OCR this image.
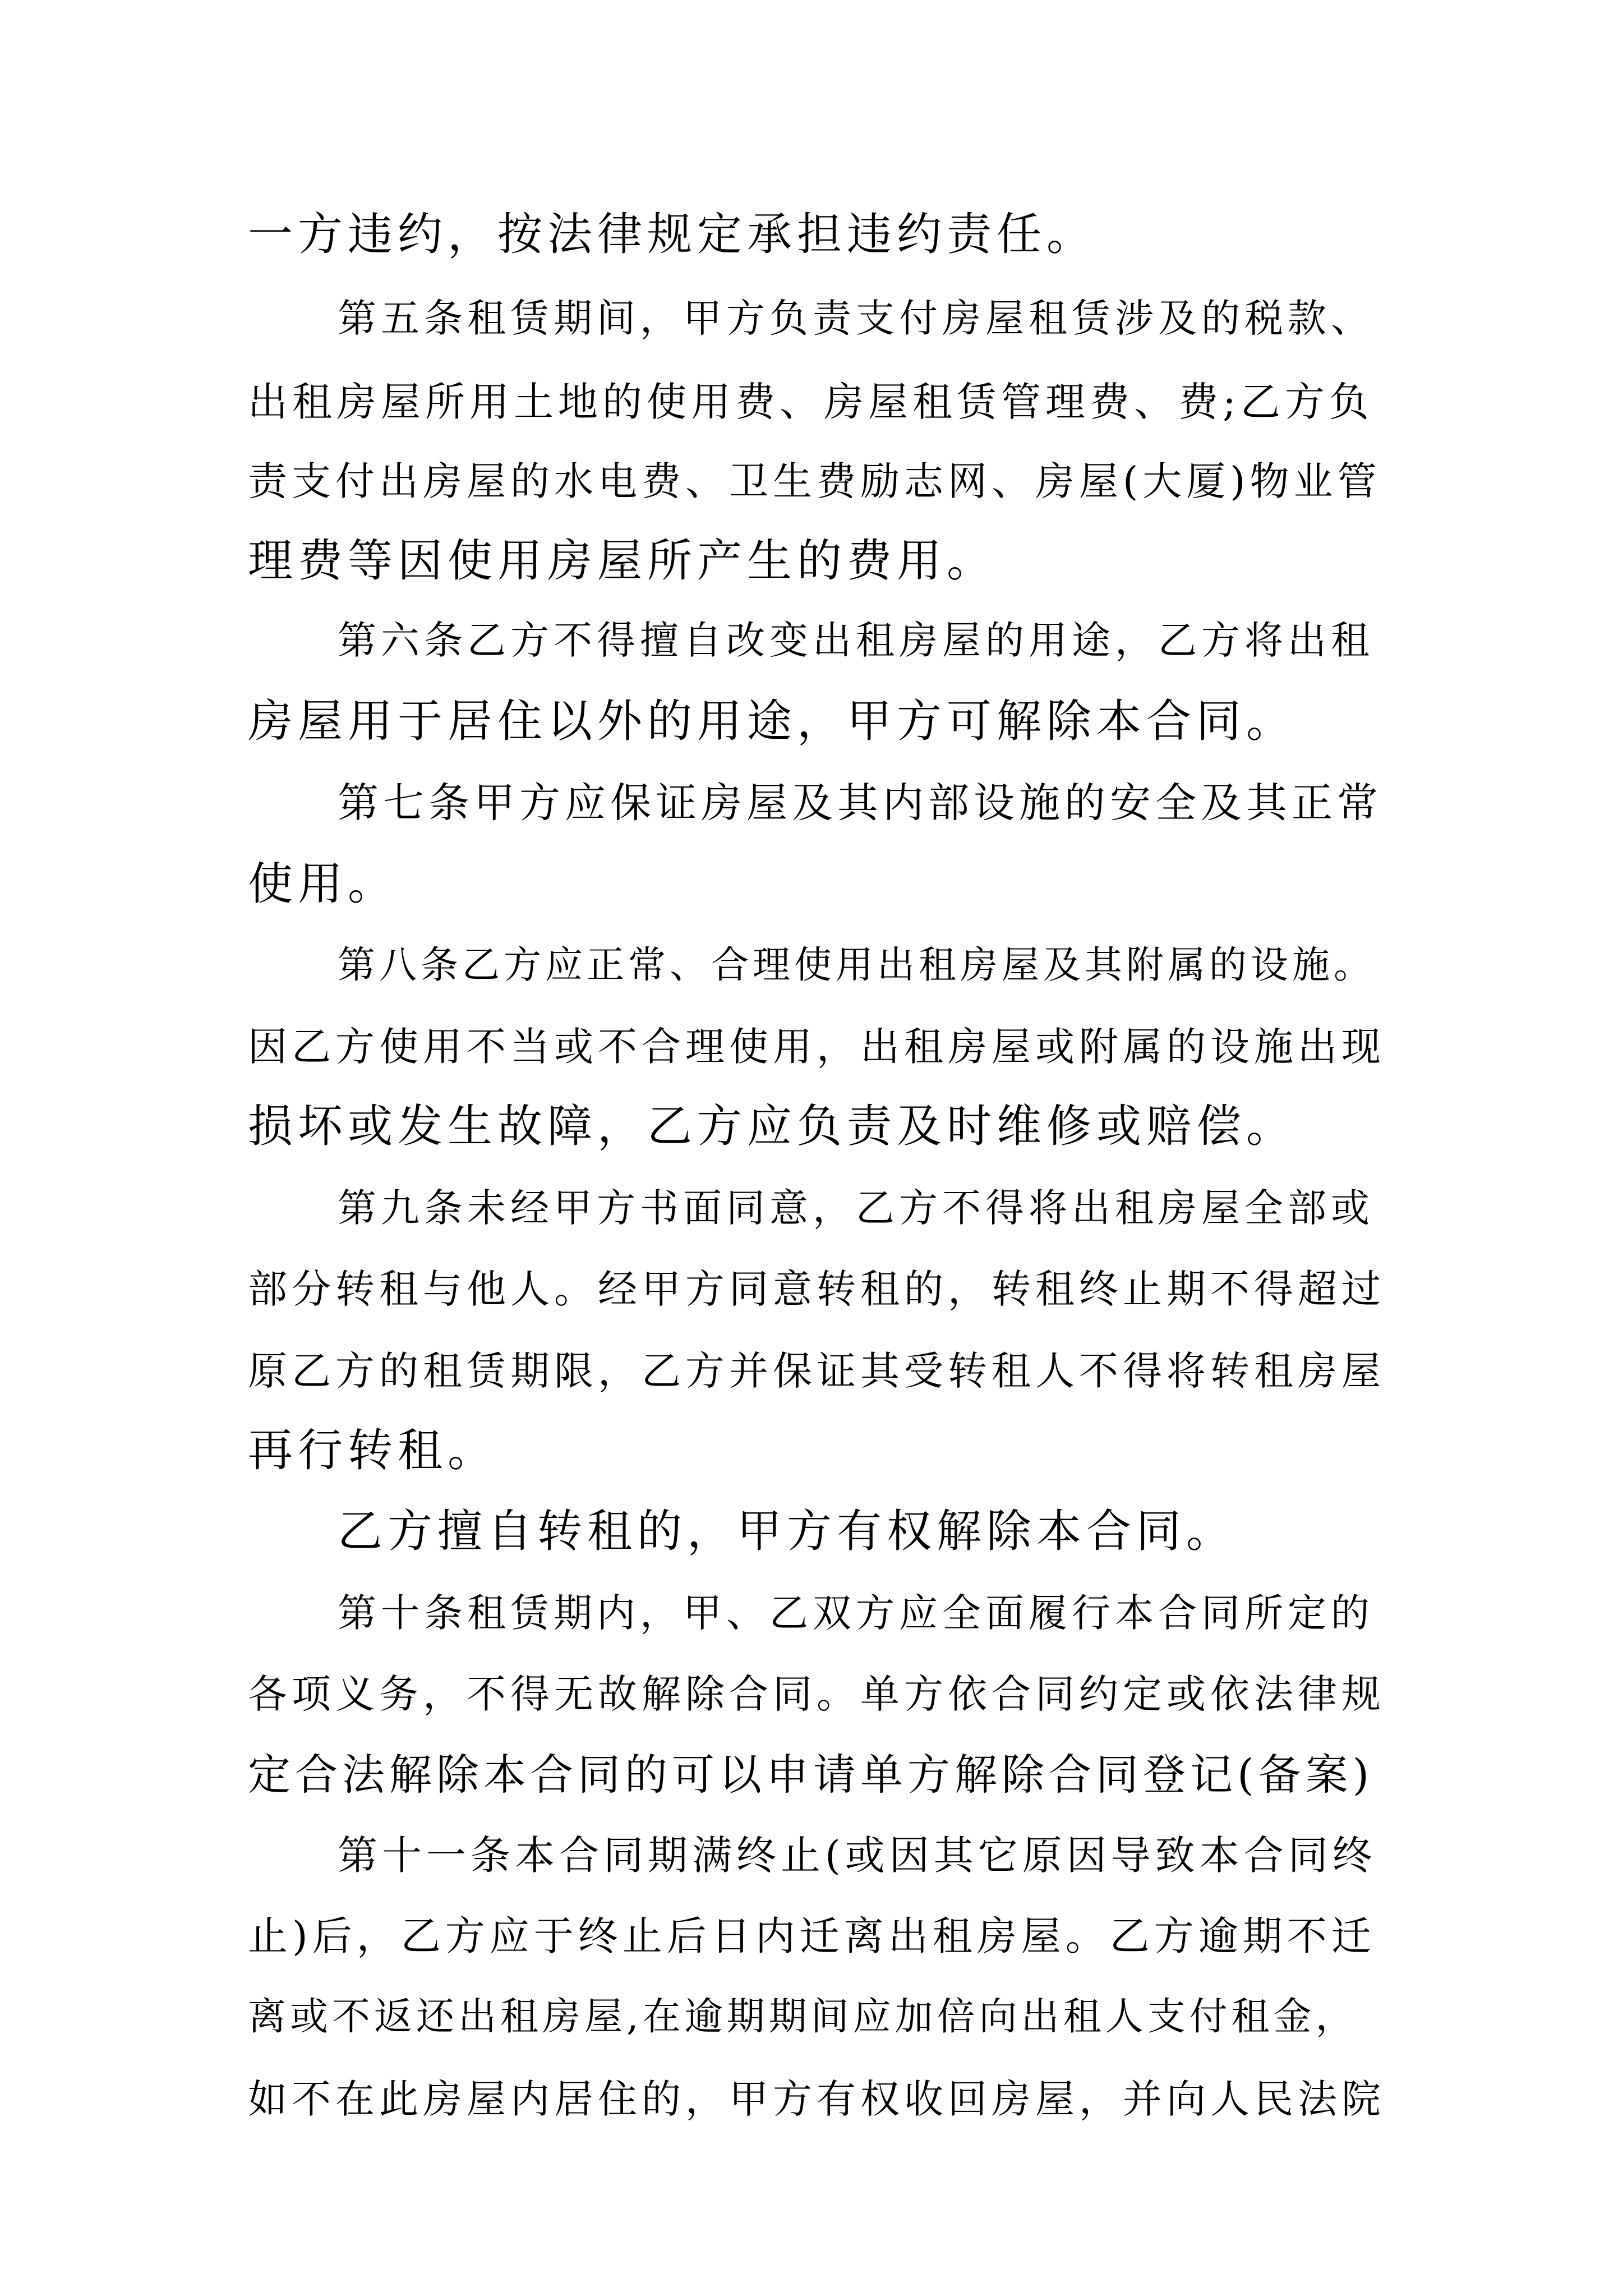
一方违约，按法律规定承担违约责任。
第五条租赁期间，甲方负责支付房屋租赁涉及的税款、
出租房屋所用土地的使用费、房屋租赁管理费、费;乙方负
责支付出房屋的水电费、卫生费励志网、房屋(大厦)物业管
理费等因使用房屋所产生的费用。
第六条乙方不得擅自改变出租房屋的用途，乙方将出租
房屋用于居住以外的用途，甲方可解除本合同。
第七条甲方应保证房屋及其内部设施的安全及其正常
使用。
第八条乙方应正常、合理使用出租房屋及其附属的设施。
因乙方使用不当或不合理使用，出租房屋或附属的设施出现
损坏或发生故障，乙方应负责及时维修或赔偿。
第九条未经甲方书面同意，乙方不得将出租房屋全部或
部分转租与他人。经甲方同意转租的，转租终止期不得超过
原乙方的租赁期限，乙方并保证其受转租人不得将转租房屋
再行转租。
乙方擅自转租的，甲方有权解除本合同。
第十条租赁期内，甲、乙双方应全面履行本合同所定的
各项义务，不得无故解除合同。单方依合同约定或依法律规
定合法解除本合同的可以申请单方解除合同登记(备案)
第十一条本合同期满终止(或因其它原因导致本合同终
止)后，乙方应于终止后日内迁离出租房屋。乙方逾期不迁
离或不返还出租房屋,在逾期期间应加倍向出租人支付租金，
如不在此房屋内居住的，甲方有权收回房屋，并向人民法院
